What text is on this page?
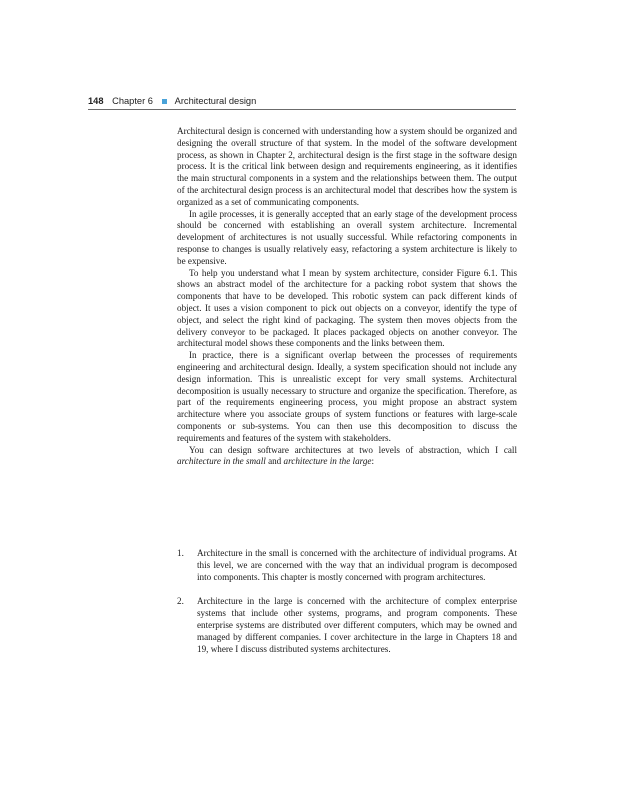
148 Chapter 6 Architectural design

Architectural design is concerned with understanding how a system should be organized and designing the overall structure of that system. In the model of the software development process, as shown in Chapter 2, architectural design is the first stage in the software design process. It is the critical link between design and requirements engineering, as it identifies the main structural components in a system and the relationships between them. The output of the architectural design process is an architectural model that describes how the system is organized as a set of communicating components.

In agile processes, it is generally accepted that an early stage of the development process should be concerned with establishing an overall system architecture. Incremental development of architectures is not usually successful. While refactoring components in response to changes is usually relatively easy, refactoring a system architecture is likely to be expensive.

To help you understand what I mean by system architecture, consider Figure 6.1. This shows an abstract model of the architecture for a packing robot system that shows the components that have to be developed. This robotic system can pack different kinds of object. It uses a vision component to pick out objects on a conveyor, identify the type of object, and select the right kind of packaging. The system then moves objects from the delivery conveyor to be packaged. It places packaged objects on another conveyor. The architectural model shows these components and the links between them.

In practice, there is a significant overlap between the processes of requirements engineering and architectural design. Ideally, a system specification should not include any design information. This is unrealistic except for very small systems. Architectural decomposition is usually necessary to structure and organize the specification. Therefore, as part of the requirements engineering process, you might propose an abstract system architecture where you associate groups of system functions or features with large-scale components or sub-systems. You can then use this decomposition to discuss the requirements and features of the system with stakeholders.

You can design software architectures at two levels of abstraction, which I call architecture in the small and architecture in the large:

1. Architecture in the small is concerned with the architecture of individual programs. At this level, we are concerned with the way that an individual program is decomposed into components. This chapter is mostly concerned with program architectures.
2. Architecture in the large is concerned with the architecture of complex enterprise systems that include other systems, programs, and program components. These enterprise systems are distributed over different computers, which may be owned and managed by different companies. I cover architecture in the large in Chapters 18 and 19, where I discuss distributed systems architectures.
